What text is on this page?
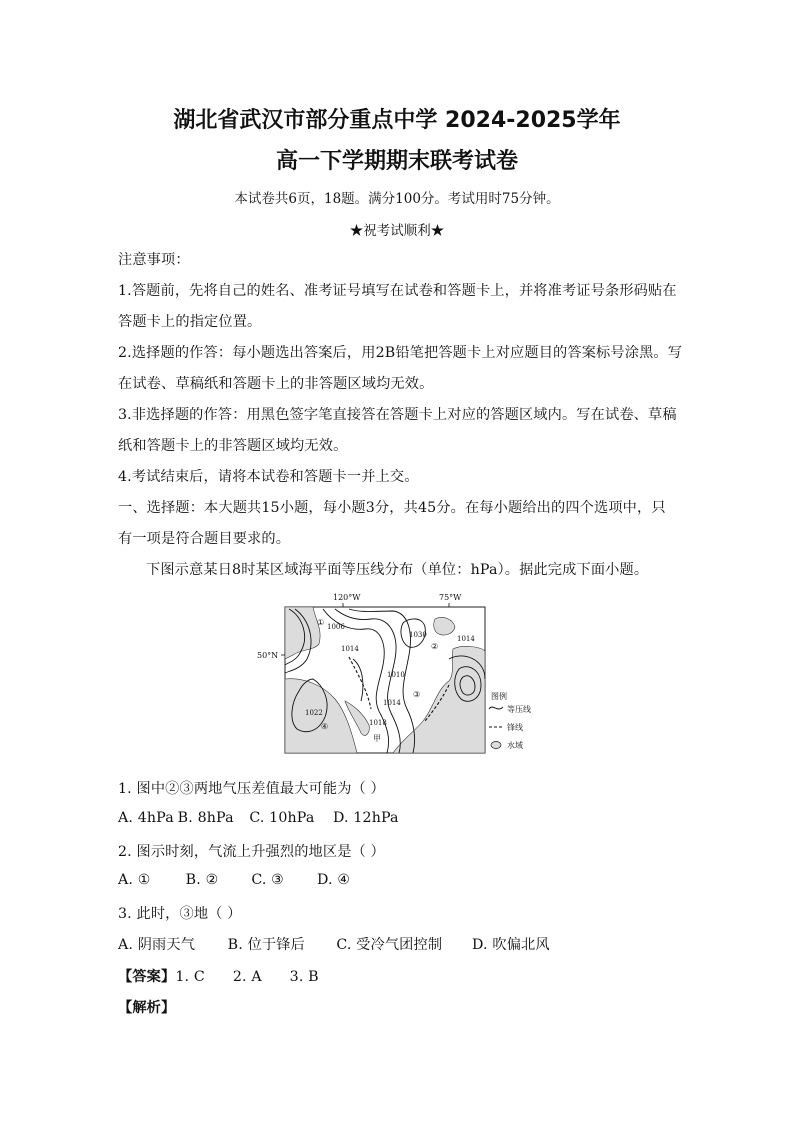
湖北省武汉市部分重点中学 2024-2025学年
高一下学期期末联考试卷
本试卷共6页，18题。满分100分。考试用时75分钟。
★祝考试顺利★
注意事项：
1.答题前，先将自己的姓名、准考证号填写在试卷和答题卡上，并将准考证号条形码贴在
答题卡上的指定位置。
2.选择题的作答：每小题选出答案后，用2B铅笔把答题卡上对应题目的答案标号涂黑。写
在试卷、草稿纸和答题卡上的非答题区域均无效。
3.非选择题的作答：用黑色签字笔直接答在答题卡上对应的答题区域内。写在试卷、草稿
纸和答题卡上的非答题区域均无效。
4.考试结束后，请将本试卷和答题卡一并上交。
一、选择题：本大题共15小题，每小题3分，共45分。在每小题给出的四个选项中，只
有一项是符合题目要求的。
下图示意某日8时某区域海平面等压线分布（单位：hPa）。据此完成下面小题。
120°W	75°W
50°N
1006
1014
1030	1014
1022
1018
1014
1010
①
②
③
④
甲
图例
等压线
锋线
水域
1. 图中②③两地气压差值最大可能为（ ）
A. 4hPa B. 8hPa C. 10hPa D. 12hPa
2. 图示时刻，气流上升强烈的地区是（ ）
A. ① B. ② C. ③ D. ④
3. 此时，③地（ ）
A. 阴雨天气 B. 位于锋后 C. 受冷气团控制 D. 吹偏北风
【答案】1. C      2. A      3. B
【解析】
